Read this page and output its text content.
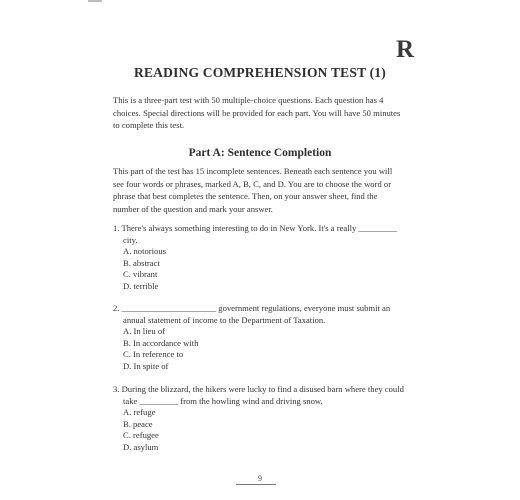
R
READING COMPREHENSION TEST (1)
This is a three-part test with 50 multiple-choice questions. Each question has 4 choices. Special directions will be provided for each part. You will have 50 minutes to complete this test.
Part A: Sentence Completion
This part of the test has 15 incomplete sentences. Beneath each sentence you will see four words or phrases, marked A, B, C, and D. You are to choose the word or phrase that best completes the sentence. Then, on your answer sheet, find the number of the question and mark your answer.
1. There's always something interesting to do in New York. It's a really _________ city.
A. notorious
B. abstract
C. vibrant
D. terrible
2. ______________________ government regulations, everyone must submit an annual statement of income to the Department of Taxation.
A. In lieu of
B. In accordance with
C. In reference to
D. In spite of
3. During the blizzard, the hikers were lucky to find a disused barn where they could take _________ from the howling wind and driving snow.
A. refuge
B. peace
C. refugee
D. asylum
9
